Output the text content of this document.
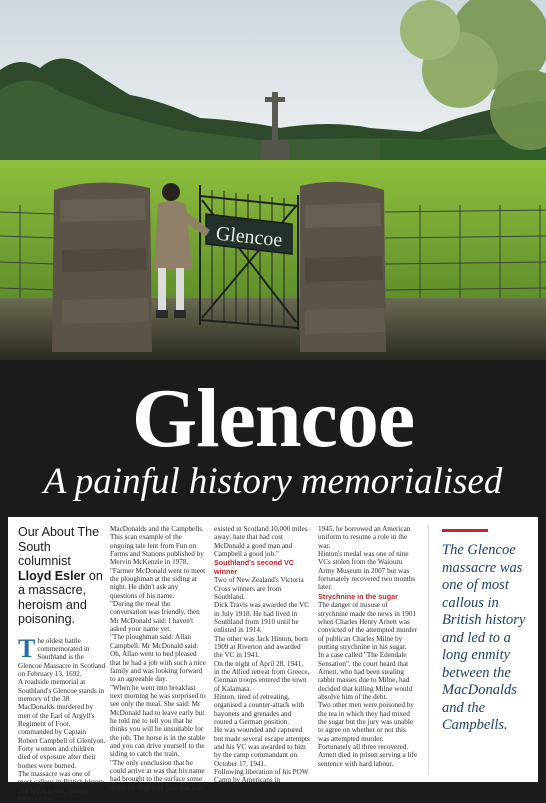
Glencoe
Glencoe
A painful history memorialised
Our About The South columnist Lloyd Esler on a massacre, heroism and poisoning.
T he oldest battle commemorated in Southland is the Glencoe Massacre in Scotland on February 13, 1692.

A roadside memorial at Southland's Glencoe stands in memory of the 38 MacDonalds murdered by men of the Earl of Argyll's Regiment of Foot, commanded by Captain Robert Campbell of Glenlyon.

Forty women and children died of exposure after their homes were burned.

The massacre was one of most callous in British history and led to a long enmity between the

MacDonalds and the Campbells.

This scan example of the ongoing tale lent from Fun on Farms and Stations published by Mervin McKenzie in 1978.

"Farmer McDonald went to meet the ploughman at the siding at night. He didn't ask any questions of his name.

"During the meal the conversation was friendly, then Mr McDonald said: I haven't asked your name yet.

"The ploughman said: Allan Campbell. Mr McDonald said: Oh, Allan went to bed pleased that he had a job with such a nice family and was looking forward to an agreeable day.

"When he went into breakfast next morning he was surprised to see only the meal. She said: Mr McDonald had to leave early but he told me to tell you that he thinks you will be unsuitable for the job. The horse is in the stable and you can drive yourself to the siding to catch the train.

"The only conclusion that he could arrive at was that his name had brought to the surface some stubborn Highland hate that had

existed in Scotland 10,000 miles away; hate that had cost McDonald a good man and Campbell a good job."

Southland's second VC winner

Two of New Zealand's Victoria Cross winners are from Southland.

Dick Travis was awarded the VC in July 1918. He had lived in Southland from 1910 until he enlisted in 1914.

The other was Jack Hinton, born 1909 at Riverton and awarded the VC in 1941.

On the night of April 28, 1941, in the Allied retreat from Greece, German troops entered the town of Kalamata.

Hinton, tired of retreating, organised a counter-attack with bayonets and grenades and routed a German position.

He was wounded and captured but made several escape attempts and his VC was awarded to him by the camp commandant on October 17, 1941.

Following liberation of his POW Camp by Americans in

1945, he borrowed an American uniform to resume a role in the war.

Hinton's medal was one of nine VCs stolen from the Waiouru Army Museum in 2007 but was fortunately recovered two months later.

Strychnine in the sugar

The danger of misuse of strychnine made the news in 1901 when Charles Henry Arnett was convicted of the attempted murder of publican Charles Milne by putting strychnine in his sugar.

In a case called "The Edendale Sensation", the court heard that Arnett, who had been stealing rabbit masses due to Milne, had decided that killing Milne would absolve him of the debt.

Two other men were poisoned by the tea in which they had mixed the sugar but the jury was unable to agree on whether or not this was attempted murder.

Fortunately all three recovered.

Arnett died in prison serving a life sentence with hard labour.

The Glencoe massacre was one of most callous in British history and led to a long enmity between the MacDonalds and the Campbells.
